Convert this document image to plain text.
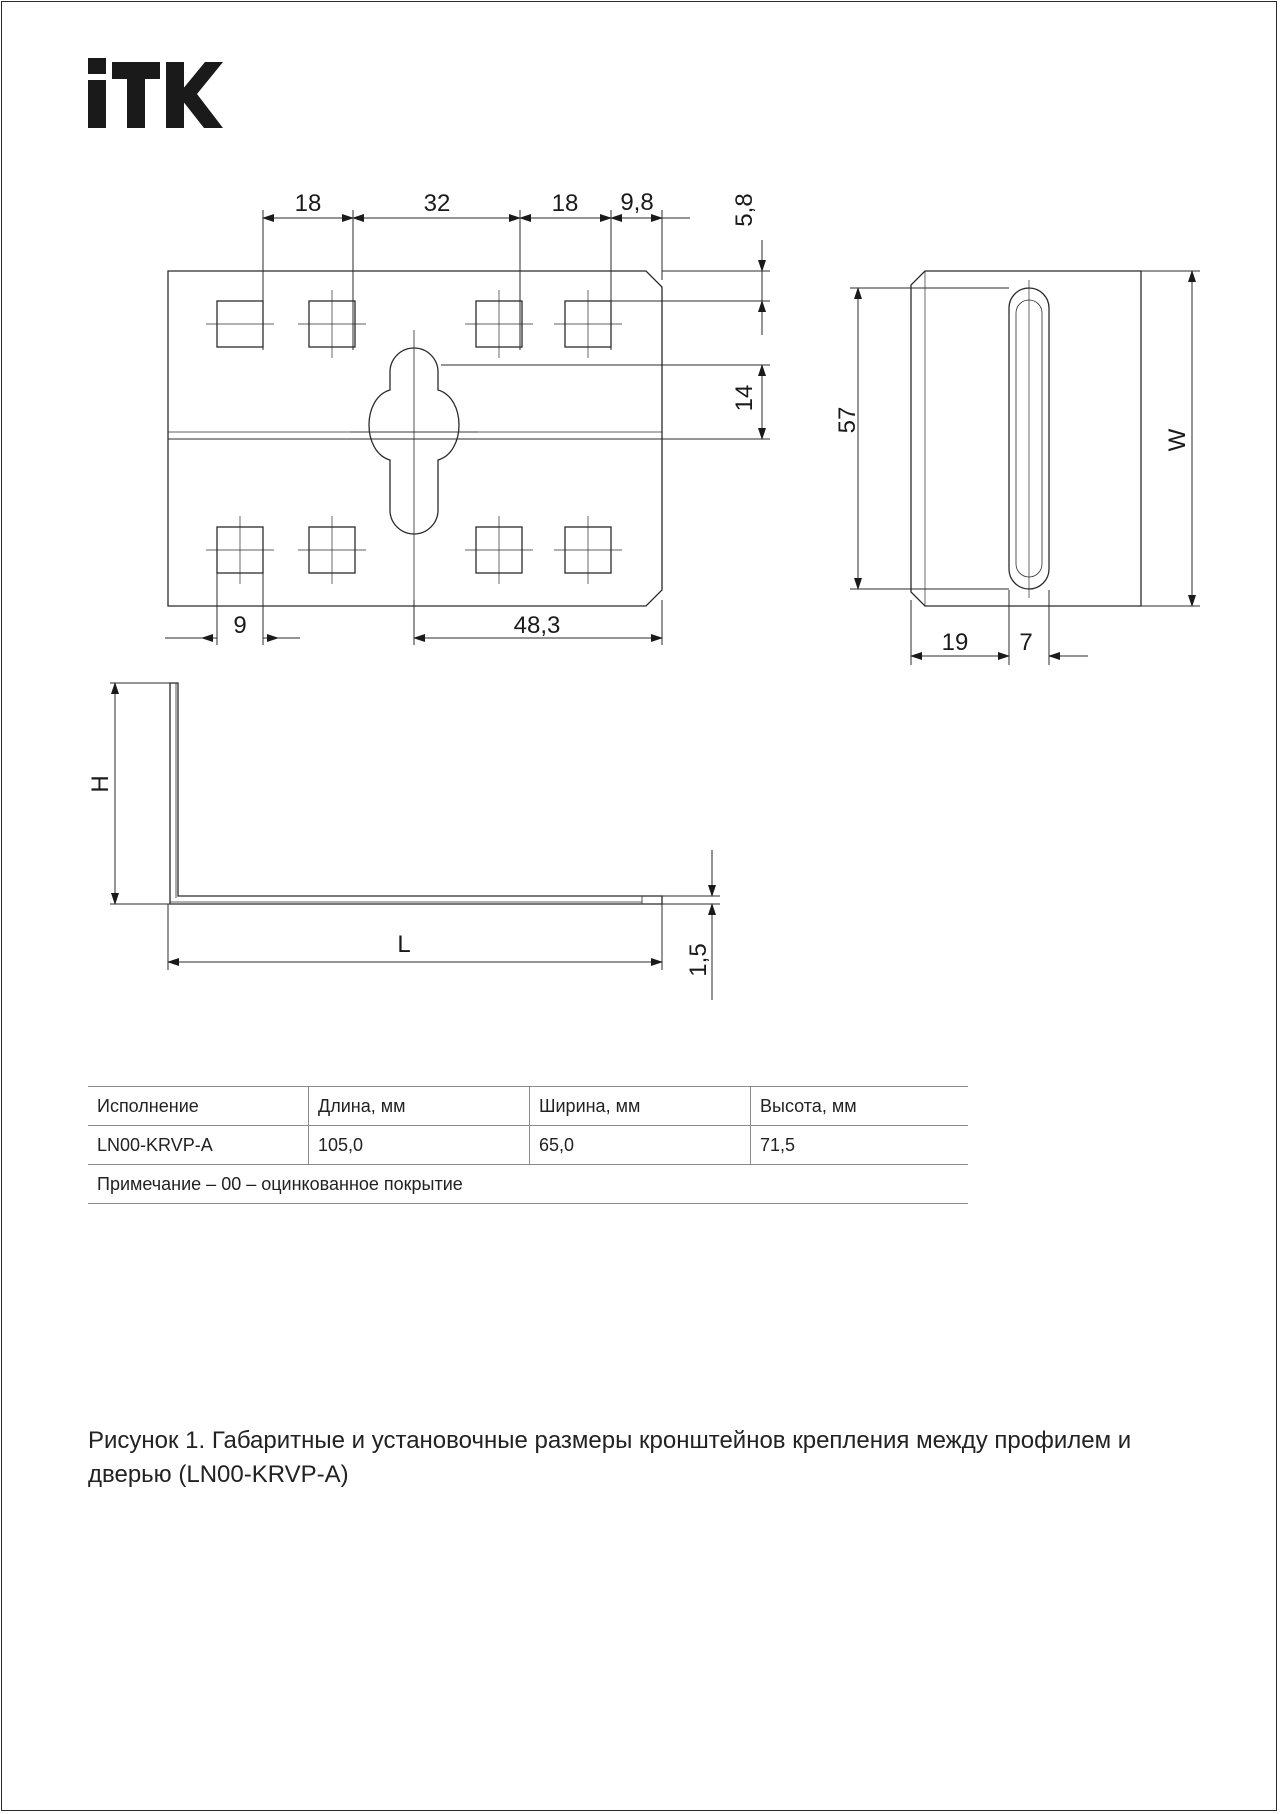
18	32	18 9,8	5,8
14
9	48,3
57
W
19 7
H
L	1,5
Исполнение	Длина, мм	Ширина, мм	Высота, мм
LN00-KRVP-A	105,0	65,0	71,5
Примечание – 00 – оцинкованное покрытие			

Рисунок 1. Габаритные и установочные размеры кронштейнов крепления между профилем и дверью (LN00-KRVP-A)
